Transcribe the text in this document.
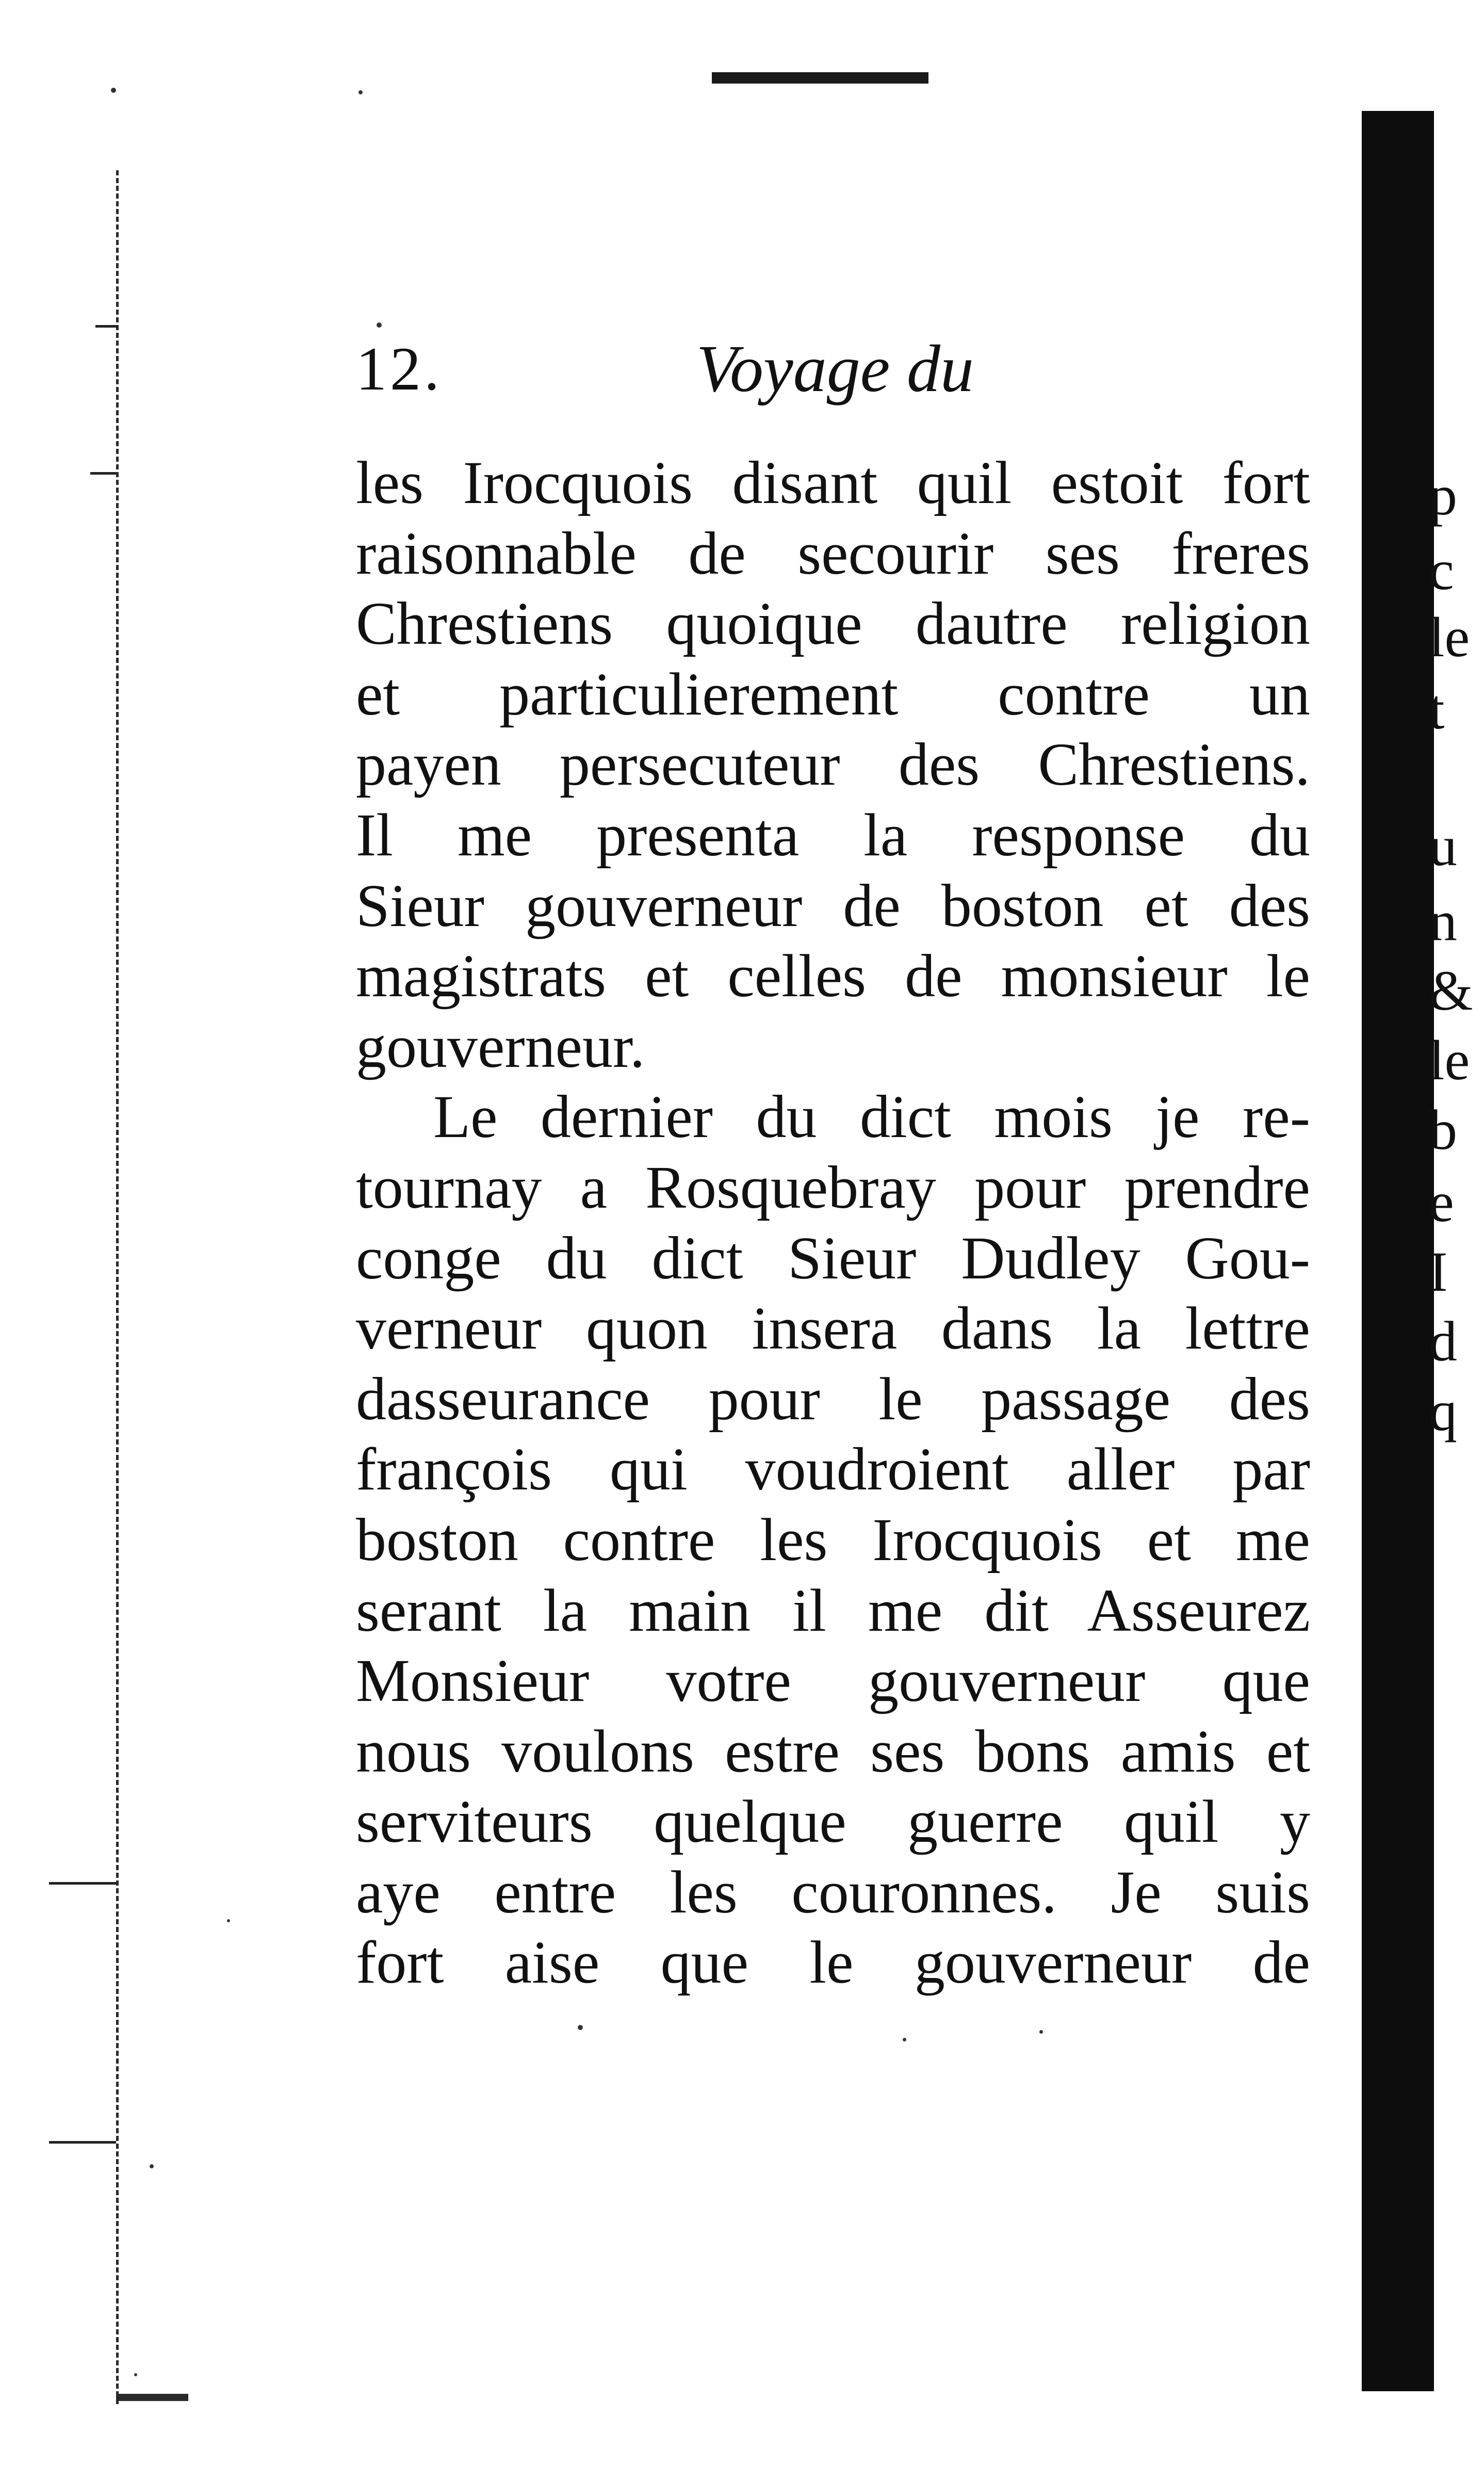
p
c
le
t
u
n
&
le
b
e
I
d
q
12.	Voyage du
les Irocquois disant quil estoit fort
raisonnable de secourir ses freres
Chrestiens quoique dautre religion
et particulierement contre un
payen persecuteur des Chrestiens.
Il me presenta la response du
Sieur gouverneur de boston et des
magistrats et celles de monsieur le
gouverneur.
Le dernier du dict mois je re-
tournay a Rosquebray pour prendre
conge du dict Sieur Dudley Gou-
verneur quon insera dans la lettre
dasseurance pour le passage des
françois qui voudroient aller par
boston contre les Irocquois et me
serant la main il me dit Asseurez
Monsieur votre gouverneur que
nous voulons estre ses bons amis et
serviteurs quelque guerre quil y
aye entre les couronnes. Je suis
fort aise que le gouverneur de
